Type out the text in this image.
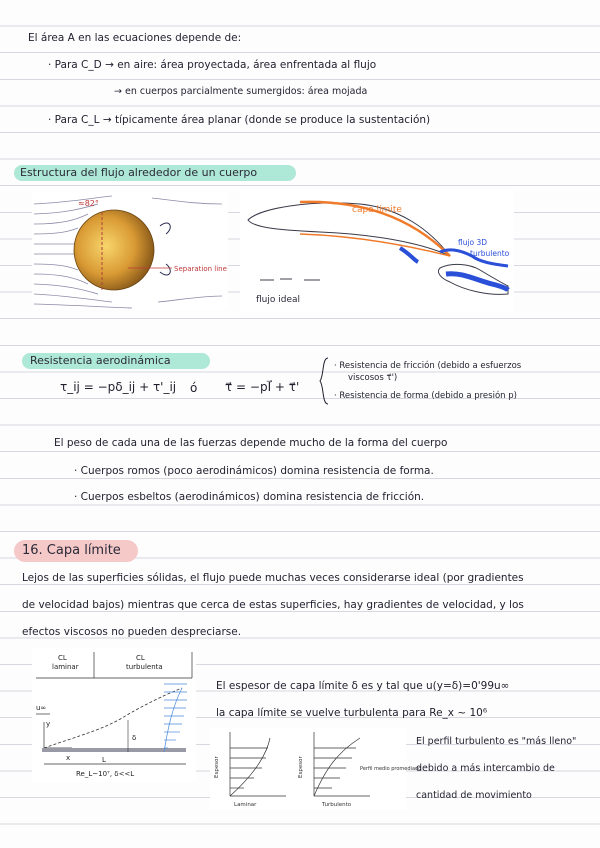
El área A en las ecuaciones depende de:
· Para C_D → en aire: área proyectada, área enfrentada al flujo
→ en cuerpos parcialmente sumergidos: área mojada
· Para C_L → típicamente área planar (donde se produce la sustentación)
Estructura del flujo alrededor de un cuerpo
≈82°
Separation line
capa límite
flujo 3D
turbulento
flujo ideal
Resistencia aerodinámica
τ_ij = −pδ_ij + τ'_ij ó τ⃗ = −pI⃗ + τ⃗'
· Resistencia de fricción (debido a esfuerzos
viscosos τ⃗')
· Resistencia de forma (debido a presión p)
El peso de cada una de las fuerzas depende mucho de la forma del cuerpo
· Cuerpos romos (poco aerodinámicos) domina resistencia de forma.
· Cuerpos esbeltos (aerodinámicos) domina resistencia de fricción.
16. Capa límite
Lejos de las superficies sólidas, el flujo puede muchas veces considerarse ideal (por gradientes
de velocidad bajos) mientras que cerca de estas superficies, hay gradientes de velocidad, y los
efectos viscosos no pueden despreciarse.
CL
laminar
CL
turbulenta
u∞
y
x
δ
L
Re_L~10⁷, δ<<L
El espesor de capa límite δ es y tal que u(y=δ)=0'99u∞
la capa límite se vuelve turbulenta para Re_x ~ 10⁶
Espesor	Espesor
Laminar	Turbulento
Perfil medio promediado
El perfil turbulento es "más lleno"
debido a más intercambio de
cantidad de movimiento
